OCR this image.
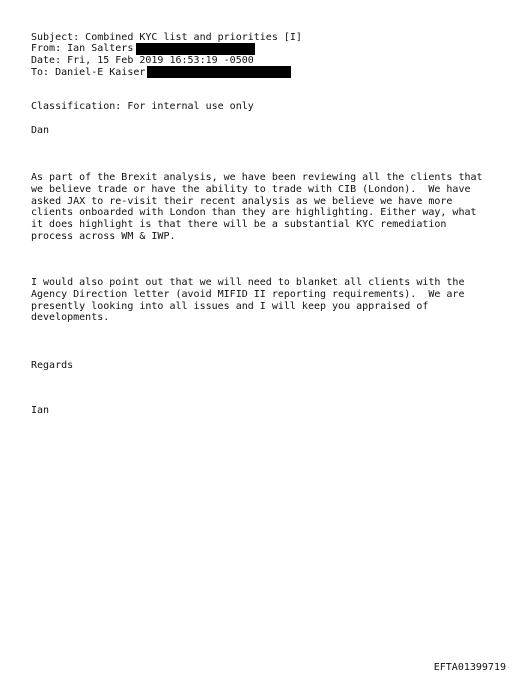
Subject: Combined KYC list and priorities [I]
From: Ian Salters
Date: Fri, 15 Feb 2019 16:53:19 -0500
To: Daniel-E Kaiser
Classification: For internal use only
Dan
As part of the Brexit analysis, we have been reviewing all the clients that
we believe trade or have the ability to trade with CIB (London).  We have
asked JAX to re-visit their recent analysis as we believe we have more
clients onboarded with London than they are highlighting. Either way, what
it does highlight is that there will be a substantial KYC remediation
process across WM & IWP.
I would also point out that we will need to blanket all clients with the
Agency Direction letter (avoid MIFID II reporting requirements).  We are
presently looking into all issues and I will keep you appraised of
developments.
Regards
Ian
EFTA01399719
